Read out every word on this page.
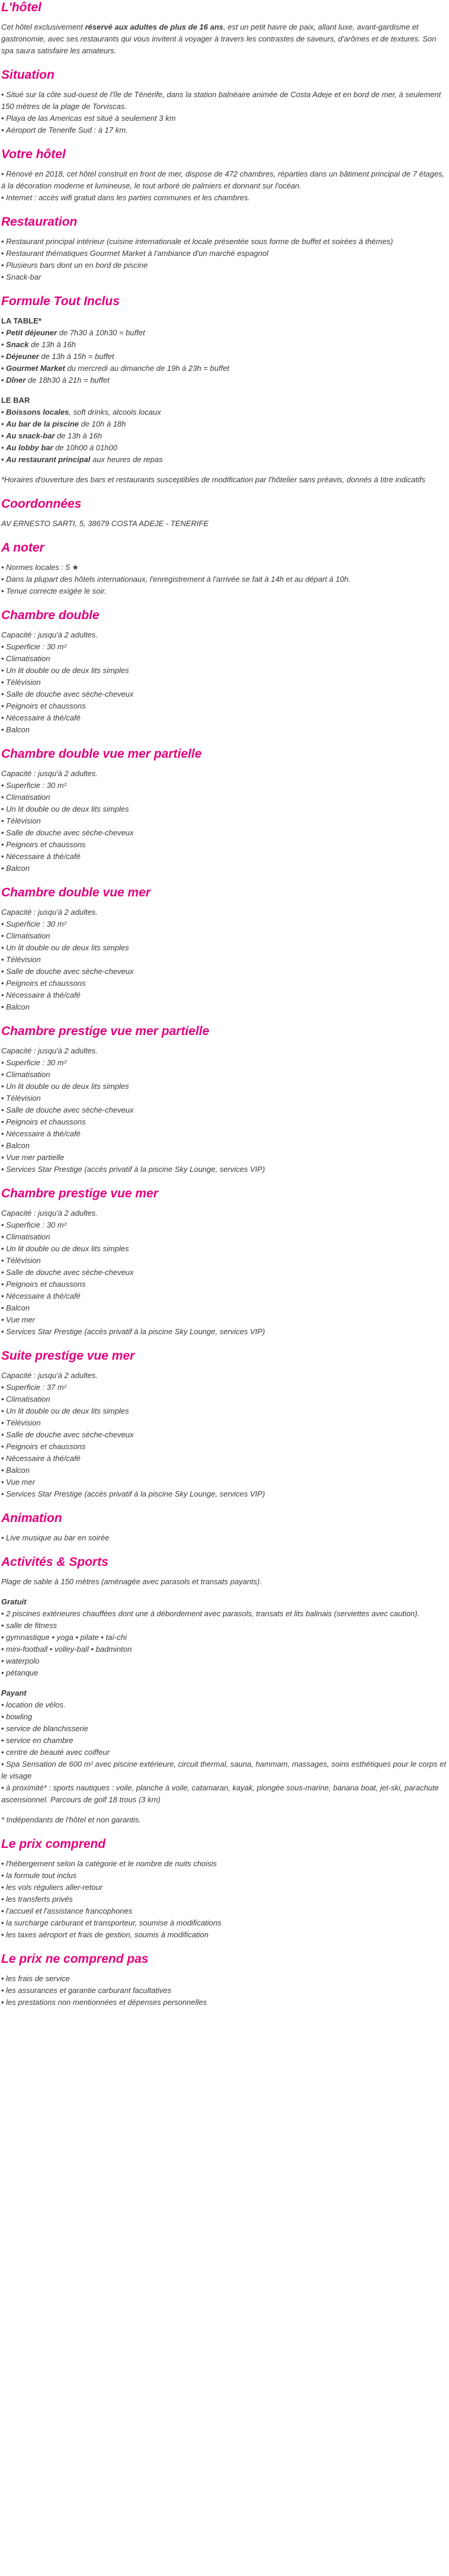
L'hôtel
Cet hôtel exclusivement réservé aux adultes de plus de 16 ans, est un petit havre de paix, allant luxe, avant-gardisme et gastronomie, avec ses restaurants qui vous invitent à voyager à travers les contrastes de saveurs, d'arômes et de textures. Son spa saura satisfaire les amateurs.
Situation
• Situé sur la côte sud-ouest de l'île de Ténérife, dans la station balnéaire animée de Costa Adeje et en bord de mer, à seulement 150 mètres de la plage de Torviscas.
• Playa de las Americas est situé à seulement 3 km
• Aéroport de Tenerife Sud : à 17 km.
Votre hôtel
• Rénové en 2018, cet hôtel construit en front de mer, dispose de 472 chambres, réparties dans un bâtiment principal de 7 étages, à la décoration moderne et lumineuse, le tout arboré de palmiers et donnant sur l'océan.
• Internet : accès wifi gratuit dans les parties communes et les chambres.
Restauration
• Restaurant principal intérieur (cuisine internationale et locale présentée sous forme de buffet et soirées à thèmes)
• Restaurant thématiques Gourmet Market à l'ambiance d'un marché espagnol
• Plusieurs bars dont un en bord de piscine
• Snack-bar
Formule Tout Inclus
LA TABLE*
• Petit déjeuner de 7h30 à 10h30 = buffet
• Snack de 13h à 16h
• Déjeuner de 13h à 15h = buffet
• Gourmet Market du mercredi au dimanche de 19h à 23h = buffet
• Dîner de 18h30 à 21h = buffet
LE BAR
• Boissons locales, soft drinks, alcools locaux
• Au bar de la piscine de 10h à 18h
• Au snack-bar de 13h à 16h
• Au lobby bar de 10h00 à 01h00
• Au restaurant principal aux heures de repas
*Horaires d'ouverture des bars et restaurants susceptibles de modification par l'hôtelier sans préavis, donnés à titre indicatifs
Coordonnées
AV ERNESTO SARTI, 5, 38679 COSTA ADEJE - TENERIFE
A noter
• Normes locales : 5 ★
• Dans la plupart des hôtels internationaux, l'enregistrement à l'arrivée se fait à 14h et au départ à 10h.
• Tenue correcte exigée le soir.
Chambre double
Capacité : jusqu'à 2 adultes.
• Superficie : 30 m²
• Climatisation
• Un lit double ou de deux lits simples
• Télévision
• Salle de douche avec sèche-cheveux
• Peignoirs et chaussons
• Nécessaire à thé/café
• Balcon
Chambre double vue mer partielle
Capacité : jusqu'à 2 adultes.
• Superficie : 30 m²
• Climatisation
• Un lit double ou de deux lits simples
• Télévision
• Salle de douche avec sèche-cheveux
• Peignoirs et chaussons
• Nécessaire à thé/café
• Balcon
Chambre double vue mer
Capacité : jusqu'à 2 adultes.
• Superficie : 30 m²
• Climatisation
• Un lit double ou de deux lits simples
• Télévision
• Salle de douche avec sèche-cheveux
• Peignoirs et chaussons
• Nécessaire à thé/café
• Balcon
Chambre prestige vue mer partielle
Capacité : jusqu'à 2 adultes.
• Superficie : 30 m²
• Climatisation
• Un lit double ou de deux lits simples
• Télévision
• Salle de douche avec sèche-cheveux
• Peignoirs et chaussons
• Nécessaire à thé/café
• Balcon
• Vue mer partielle
• Services Star Prestige (accès privatif à la piscine Sky Lounge, services VIP)
Chambre prestige vue mer
Capacité : jusqu'à 2 adultes.
• Superficie : 30 m²
• Climatisation
• Un lit double ou de deux lits simples
• Télévision
• Salle de douche avec sèche-cheveux
• Peignoirs et chaussons
• Nécessaire à thé/café
• Balcon
• Vue mer
• Services Star Prestige (accès privatif à la piscine Sky Lounge, services VIP)
Suite prestige vue mer
Capacité : jusqu'à 2 adultes.
• Superficie : 37 m²
• Climatisation
• Un lit double ou de deux lits simples
• Télévision
• Salle de douche avec sèche-cheveux
• Peignoirs et chaussons
• Nécessaire à thé/café
• Balcon
• Vue mer
• Services Star Prestige (accès privatif à la piscine Sky Lounge, services VIP)
Animation
• Live musique au bar en soirée
Activités & Sports
Plage de sable à 150 mètres (aménagée avec parasols et transats payants).
Gratuit
• 2 piscines extérieures chauffées dont une à débordement avec parasols, transats et lits balinais (serviettes avec caution).
• salle de fitness
• gymnastique • yoga • pilate • taï-chi
• mini-football • volley-ball • badminton
• waterpolo
• pétanque
Payant
• location de vélos.
• bowling
• service de blanchisserie
• service en chambre
• centre de beauté avec coiffeur
• Spa Sensation de 600 m² avec piscine extérieure, circuit thermal, sauna, hammam, massages, soins esthétiques pour le corps et le visage
• à proximité* : sports nautiques : voile, planche à voile, catamaran, kayak, plongée sous-marine, banana boat, jet-ski, parachute ascensionnel. Parcours de golf 18 trous (3 km)
* Indépendants de l'hôtel et non garantis.
Le prix comprend
• l'hébergement selon la catégorie et le nombre de nuits choisis
• la formule tout inclus
• les vols réguliers aller-retour
• les transferts privés
• l'accueil et l'assistance francophones
• la surcharge carburant et transporteur, soumise à modifications
• les taxes aéroport et frais de gestion, soumis à modification
Le prix ne comprend pas
• les frais de service
• les assurances et garantie carburant facultatives
• les prestations non mentionnées et dépenses personnelles
